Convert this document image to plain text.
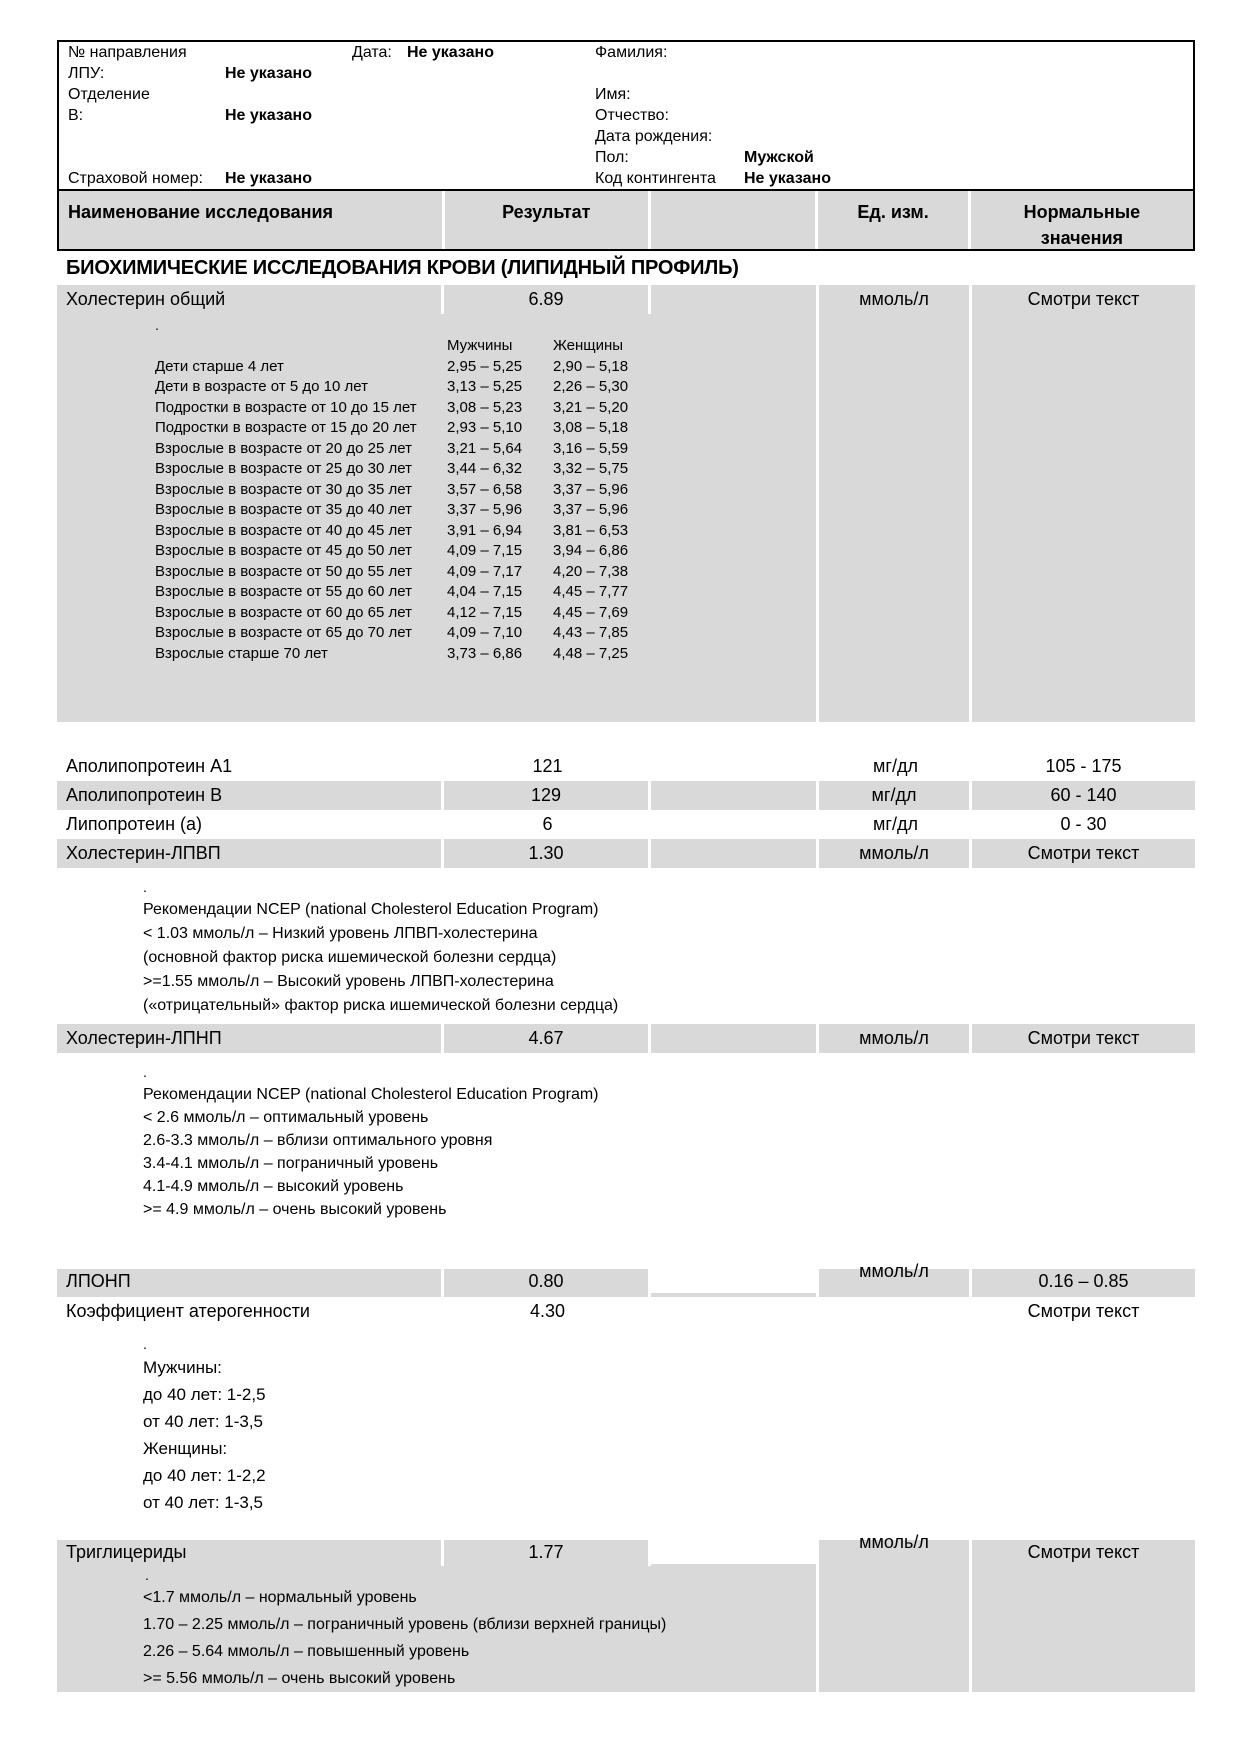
№ направления	Дата: Не указано
ЛПУ:	Не указано
Отделение
В:	Не указано
Страховой номер: Не указано
Фамилия:
Имя:
Отчество:
Дата рождения:
Пол:	Мужской
Код контингента Не указано
Наименование исследования	Результат	Ед. изм.	Нормальные
значения
БИОХИМИЧЕСКИЕ ИССЛЕДОВАНИЯ КРОВИ (ЛИПИДНЫЙ ПРОФИЛЬ)
Холестерин общий	6.89	ммоль/л	Смотри текст
.
Мужчины	Женщины
Дети старше 4 лет	2,95 – 5,25	2,90 – 5,18
Дети в возрасте от 5 до 10 лет	3,13 – 5,25	2,26 – 5,30
Подростки в возрасте от 10 до 15 лет	3,08 – 5,23	3,21 – 5,20
Подростки в возрасте от 15 до 20 лет	2,93 – 5,10	3,08 – 5,18
Взрослые в возрасте от 20 до 25 лет	3,21 – 5,64	3,16 – 5,59
Взрослые в возрасте от 25 до 30 лет	3,44 – 6,32	3,32 – 5,75
Взрослые в возрасте от 30 до 35 лет	3,57 – 6,58	3,37 – 5,96
Взрослые в возрасте от 35 до 40 лет	3,37 – 5,96	3,37 – 5,96
Взрослые в возрасте от 40 до 45 лет	3,91 – 6,94	3,81 – 6,53
Взрослые в возрасте от 45 до 50 лет	4,09 – 7,15	3,94 – 6,86
Взрослые в возрасте от 50 до 55 лет	4,09 – 7,17	4,20 – 7,38
Взрослые в возрасте от 55 до 60 лет	4,04 – 7,15	4,45 – 7,77
Взрослые в возрасте от 60 до 65 лет	4,12 – 7,15	4,45 – 7,69
Взрослые в возрасте от 65 до 70 лет	4,09 – 7,10	4,43 – 7,85
Взрослые старше 70 лет	3,73 – 6,86	4,48 – 7,25
Аполипопротеин A1	121	мг/дл	105 - 175
Аполипопротеин B	129	мг/дл	60 - 140
Липопротеин (а)	6	мг/дл	0 - 30
Холестерин-ЛПВП	1.30	ммоль/л	Смотри текст
.
Рекомендации NCEP (national Cholesterol Education Program)
< 1.03 ммоль/л – Низкий уровень ЛПВП-холестерина
(основной фактор риска ишемической болезни сердца)
>=1.55 ммоль/л – Высокий уровень ЛПВП-холестерина
(«отрицательный» фактор риска ишемической болезни сердца)
Холестерин-ЛПНП	4.67	ммоль/л	Смотри текст
.
Рекомендации NCEP (national Cholesterol Education Program)
< 2.6 ммоль/л – оптимальный уровень
2.6-3.3 ммоль/л – вблизи оптимального уровня
3.4-4.1 ммоль/л – пограничный уровень
4.1-4.9 ммоль/л – высокий уровень
>= 4.9 ммоль/л – очень высокий уровень
ЛПОНП	0.80	ммоль/л	0.16 – 0.85
Коэффициент атерогенности	4.30	Смотри текст
.
Мужчины:
до 40 лет: 1-2,5
от 40 лет: 1-3,5
Женщины:
до 40 лет: 1-2,2
от 40 лет: 1-3,5
Триглицериды	1.77	ммоль/л	Смотри текст
.
<1.7 ммоль/л – нормальный уровень
1.70 – 2.25 ммоль/л – пограничный уровень (вблизи верхней границы)
2.26 – 5.64 ммоль/л – повышенный уровень
>= 5.56 ммоль/л – очень высокий уровень
